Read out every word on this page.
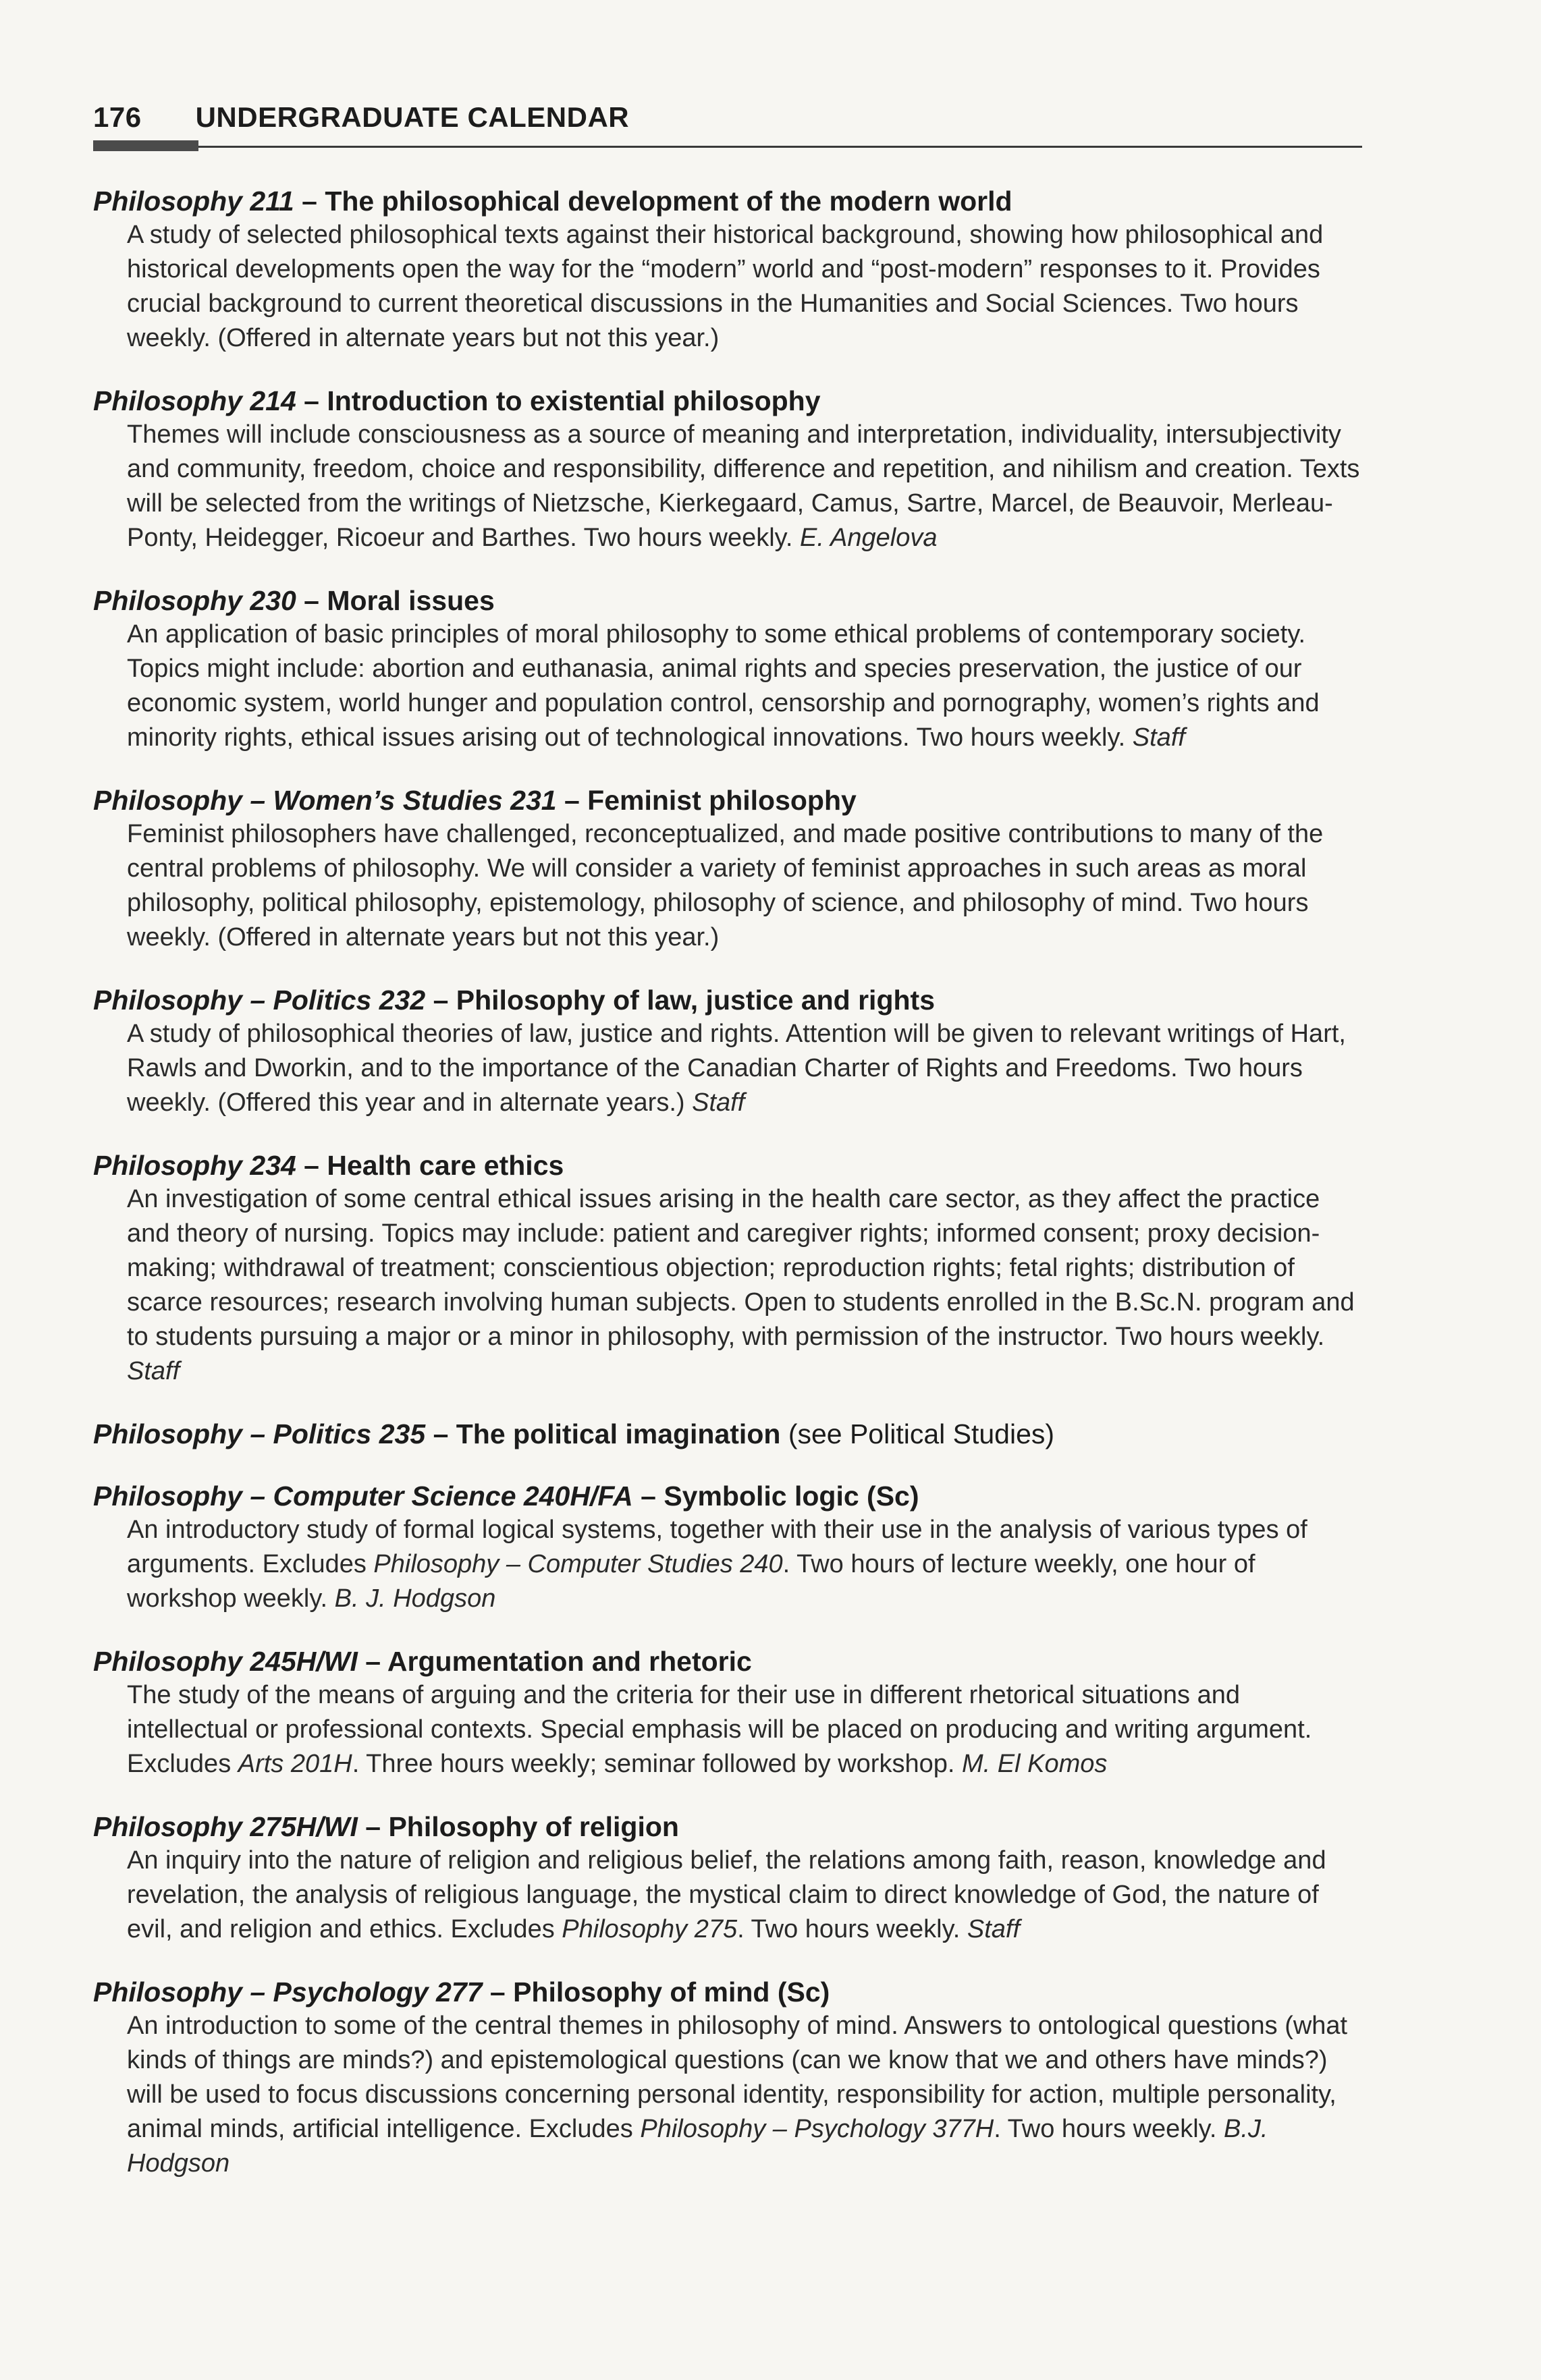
176 UNDERGRADUATE CALENDAR

Philosophy 211 – The philosophical development of the modern world

A study of selected philosophical texts against their historical background, showing how philosophical and historical developments open the way for the “modern” world and “post-modern” responses to it. Provides crucial background to current theoretical discussions in the Humanities and Social Sciences. Two hours weekly. (Offered in alternate years but not this year.)

Philosophy 214 – Introduction to existential philosophy

Themes will include consciousness as a source of meaning and interpretation, individuality, intersubjectivity and community, freedom, choice and responsibility, difference and repetition, and nihilism and creation. Texts will be selected from the writings of Nietzsche, Kierkegaard, Camus, Sartre, Marcel, de Beauvoir, Merleau-Ponty, Heidegger, Ricoeur and Barthes. Two hours weekly. E. Angelova

Philosophy 230 – Moral issues

An application of basic principles of moral philosophy to some ethical problems of contemporary society. Topics might include: abortion and euthanasia, animal rights and species preservation, the justice of our economic system, world hunger and population control, censorship and pornography, women’s rights and minority rights, ethical issues arising out of technological innovations. Two hours weekly. Staff

Philosophy – Women’s Studies 231 – Feminist philosophy

Feminist philosophers have challenged, reconceptualized, and made positive contributions to many of the central problems of philosophy. We will consider a variety of feminist approaches in such areas as moral philosophy, political philosophy, epistemology, philosophy of science, and philosophy of mind. Two hours weekly. (Offered in alternate years but not this year.)

Philosophy – Politics 232 – Philosophy of law, justice and rights

A study of philosophical theories of law, justice and rights. Attention will be given to relevant writings of Hart, Rawls and Dworkin, and to the importance of the Canadian Charter of Rights and Freedoms. Two hours weekly. (Offered this year and in alternate years.) Staff

Philosophy 234 – Health care ethics

An investigation of some central ethical issues arising in the health care sector, as they affect the practice and theory of nursing. Topics may include: patient and caregiver rights; informed consent; proxy decision-making; withdrawal of treatment; conscientious objection; reproduction rights; fetal rights; distribution of scarce resources; research involving human subjects. Open to students enrolled in the B.Sc.N. program and to students pursuing a major or a minor in philosophy, with permission of the instructor. Two hours weekly. Staff

Philosophy – Politics 235 – The political imagination (see Political Studies)

Philosophy – Computer Science 240H/FA – Symbolic logic (Sc)

An introductory study of formal logical systems, together with their use in the analysis of various types of arguments. Excludes Philosophy – Computer Studies 240. Two hours of lecture weekly, one hour of workshop weekly. B. J. Hodgson

Philosophy 245H/WI – Argumentation and rhetoric

The study of the means of arguing and the criteria for their use in different rhetorical situations and intellectual or professional contexts. Special emphasis will be placed on producing and writing argument. Excludes Arts 201H. Three hours weekly; seminar followed by workshop. M. El Komos

Philosophy 275H/WI – Philosophy of religion

An inquiry into the nature of religion and religious belief, the relations among faith, reason, knowledge and revelation, the analysis of religious language, the mystical claim to direct knowledge of God, the nature of evil, and religion and ethics. Excludes Philosophy 275. Two hours weekly. Staff

Philosophy – Psychology 277 – Philosophy of mind (Sc)

An introduction to some of the central themes in philosophy of mind. Answers to ontological questions (what kinds of things are minds?) and epistemological questions (can we know that we and others have minds?) will be used to focus discussions concerning personal identity, responsibility for action, multiple personality, animal minds, artificial intelligence. Excludes Philosophy – Psychology 377H. Two hours weekly. B.J. Hodgson
